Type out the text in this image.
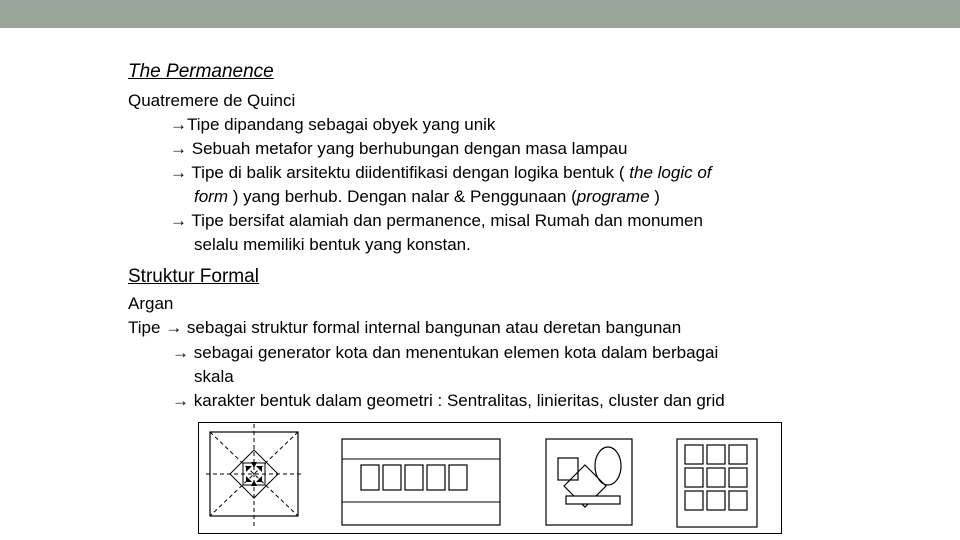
The Permanence
Quatremere de Quinci
→Tipe dipandang sebagai obyek yang unik
→ Sebuah metafor yang berhubungan dengan masa lampau
→ Tipe di balik arsitektu diidentifikasi dengan logika bentuk ( the logic of
form ) yang berhub. Dengan nalar & Penggunaan (programe )
→ Tipe bersifat alamiah dan permanence, misal Rumah dan monumen
selalu memiliki bentuk yang konstan.
Struktur Formal
Argan
Tipe → sebagai struktur formal internal bangunan atau deretan bangunan
→ sebagai generator kota dan menentukan elemen kota dalam berbagai
skala
→ karakter bentuk dalam geometri : Sentralitas, linieritas, cluster dan grid
